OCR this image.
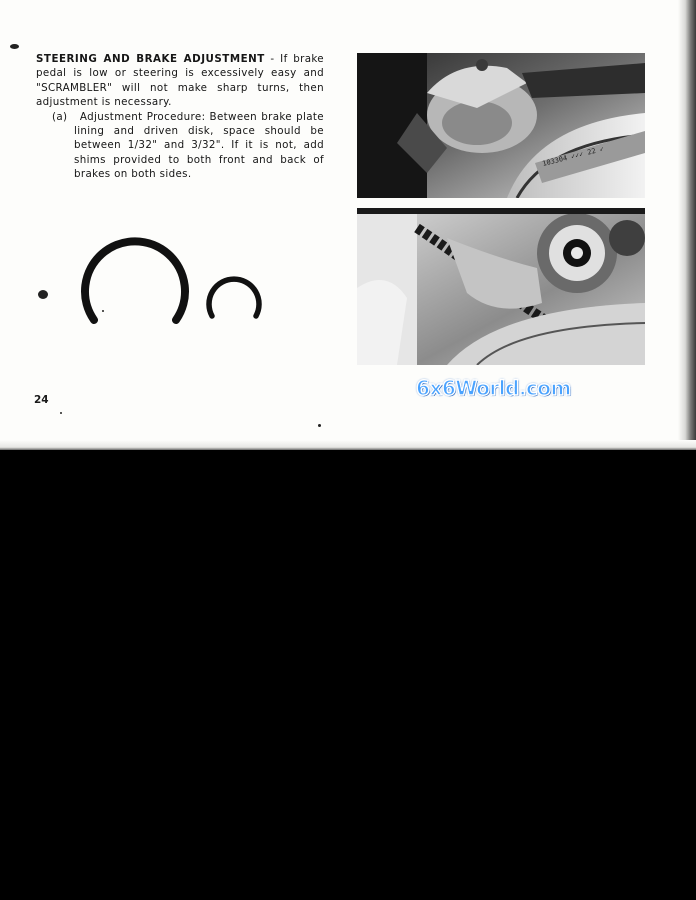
STEERING AND BRAKE ADJUSTMENT - If brake pedal is low or steering is excessively easy and "SCRAMBLER" will not make sharp turns, then adjustment is necessary.

(a) Adjustment Procedure: Between brake plate lining and driven disk, space should be between 1/32" and 3/32". If it is not, add shims provided to both front and back of brakes on both sides.

103304 ✓✓✓ 22 ✓
6x6World.com
24
